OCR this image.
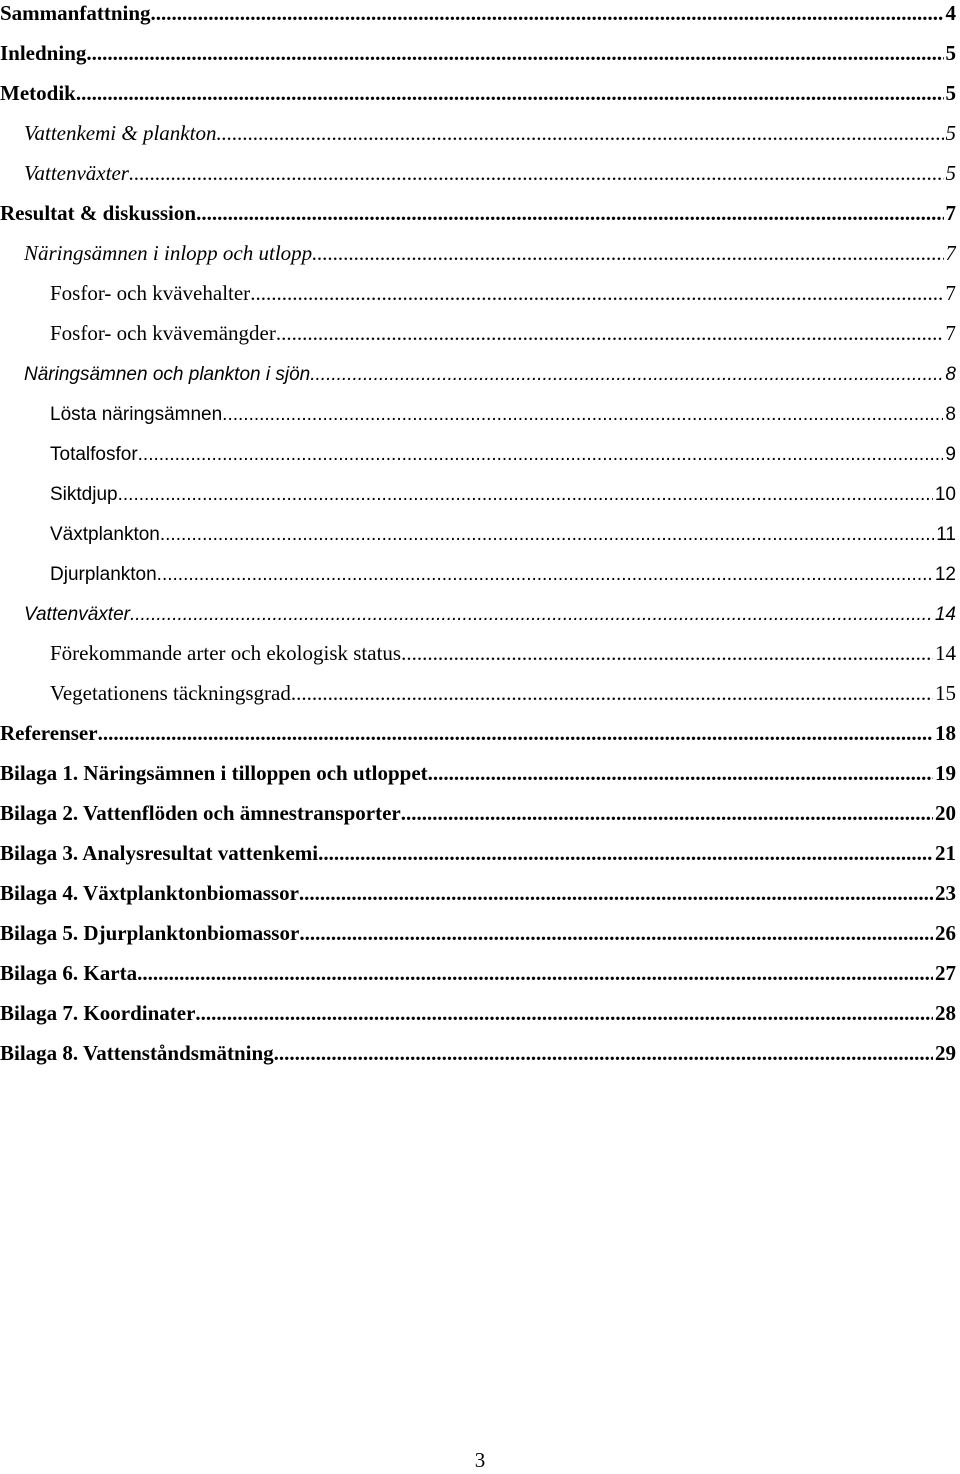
Sammanfattning .....	4
Inledning .....	5
Metodik .....	5
Vattenkemi & plankton .....	5
Vattenväxter .....	5
Resultat & diskussion .....	7
Näringsämnen i inlopp och utlopp .....	7
Fosfor- och kvävehalter .....	7
Fosfor- och kvävemängder .....	7
Näringsämnen och plankton i sjön .....	8
Lösta näringsämnen .....	8
Totalfosfor .....	9
Siktdjup .....	10
Växtplankton .....	11
Djurplankton .....	12
Vattenväxter .....	14
Förekommande arter och ekologisk status .....	14
Vegetationens täckningsgrad .....	15
Referenser .....	18
Bilaga 1. Näringsämnen i tilloppen och utloppet .....	19
Bilaga 2. Vattenflöden och ämnestransporter .....	20
Bilaga 3. Analysresultat vattenkemi .....	21
Bilaga 4. Växtplanktonbiomassor .....	23
Bilaga 5. Djurplanktonbiomassor .....	26
Bilaga 6. Karta .....	27
Bilaga 7. Koordinater .....	28
Bilaga 8. Vattenståndsmätning .....	29
3
